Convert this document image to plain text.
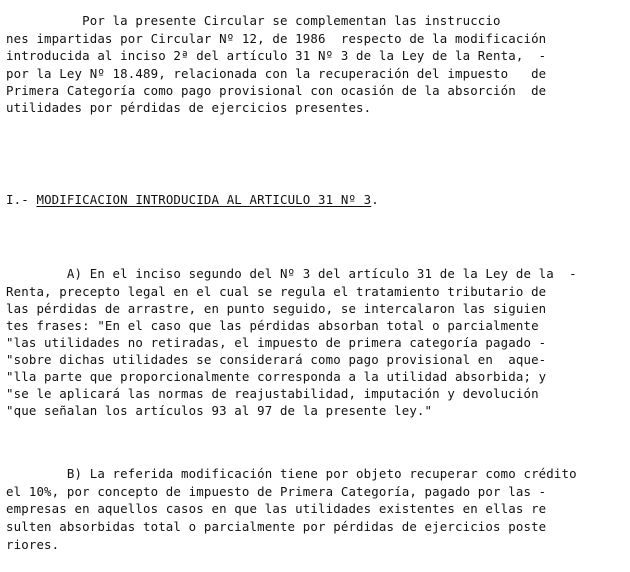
Por la presente Circular se complementan las instruccio
nes impartidas por Circular Nº 12, de 1986  respecto de la modificación
introducida al inciso 2ª del artículo 31 Nº 3 de la Ley de la Renta,  -
por la Ley Nº 18.489, relacionada con la recuperación del impuesto   de
Primera Categoría como pago provisional con ocasión de la absorción  de
utilidades por pérdidas de ejercicios presentes.
I.- MODIFICACION INTRODUCIDA AL ARTICULO 31 Nº 3.
A) En el inciso segundo del Nº 3 del artículo 31 de la Ley de la  -
Renta, precepto legal en el cual se regula el tratamiento tributario de
las pérdidas de arrastre, en punto seguido, se intercalaron las siguien
tes frases: "En el caso que las pérdidas absorban total o parcialmente
"las utilidades no retiradas, el impuesto de primera categoría pagado -
"sobre dichas utilidades se considerará como pago provisional en  aque-
"lla parte que proporcionalmente corresponda a la utilidad absorbida; y
"se le aplicará las normas de reajustabilidad, imputación y devolución
"que señalan los artículos 93 al 97 de la presente ley."
B) La referida modificación tiene por objeto recuperar como crédito
el 10%, por concepto de impuesto de Primera Categoría, pagado por las -
empresas en aquellos casos en que las utilidades existentes en ellas re
sulten absorbidas total o parcialmente por pérdidas de ejercicios poste
riores.
